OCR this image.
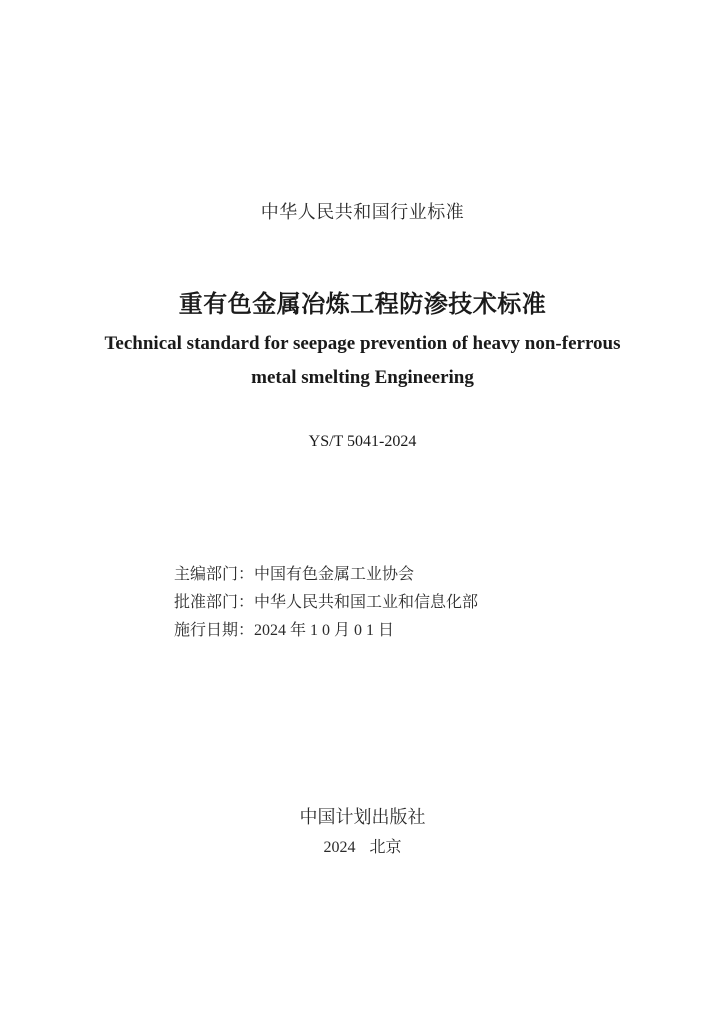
中华人民共和国行业标准
重有色金属冶炼工程防渗技术标准
Technical standard for seepage prevention of heavy non-ferrous
metal smelting Engineering
YS/T 5041-2024
主编部门：中国有色金属工业协会
批准部门：中华人民共和国工业和信息化部
施行日期：2024 年 1 0 月 0 1 日
中国计划出版社
2024 北京
